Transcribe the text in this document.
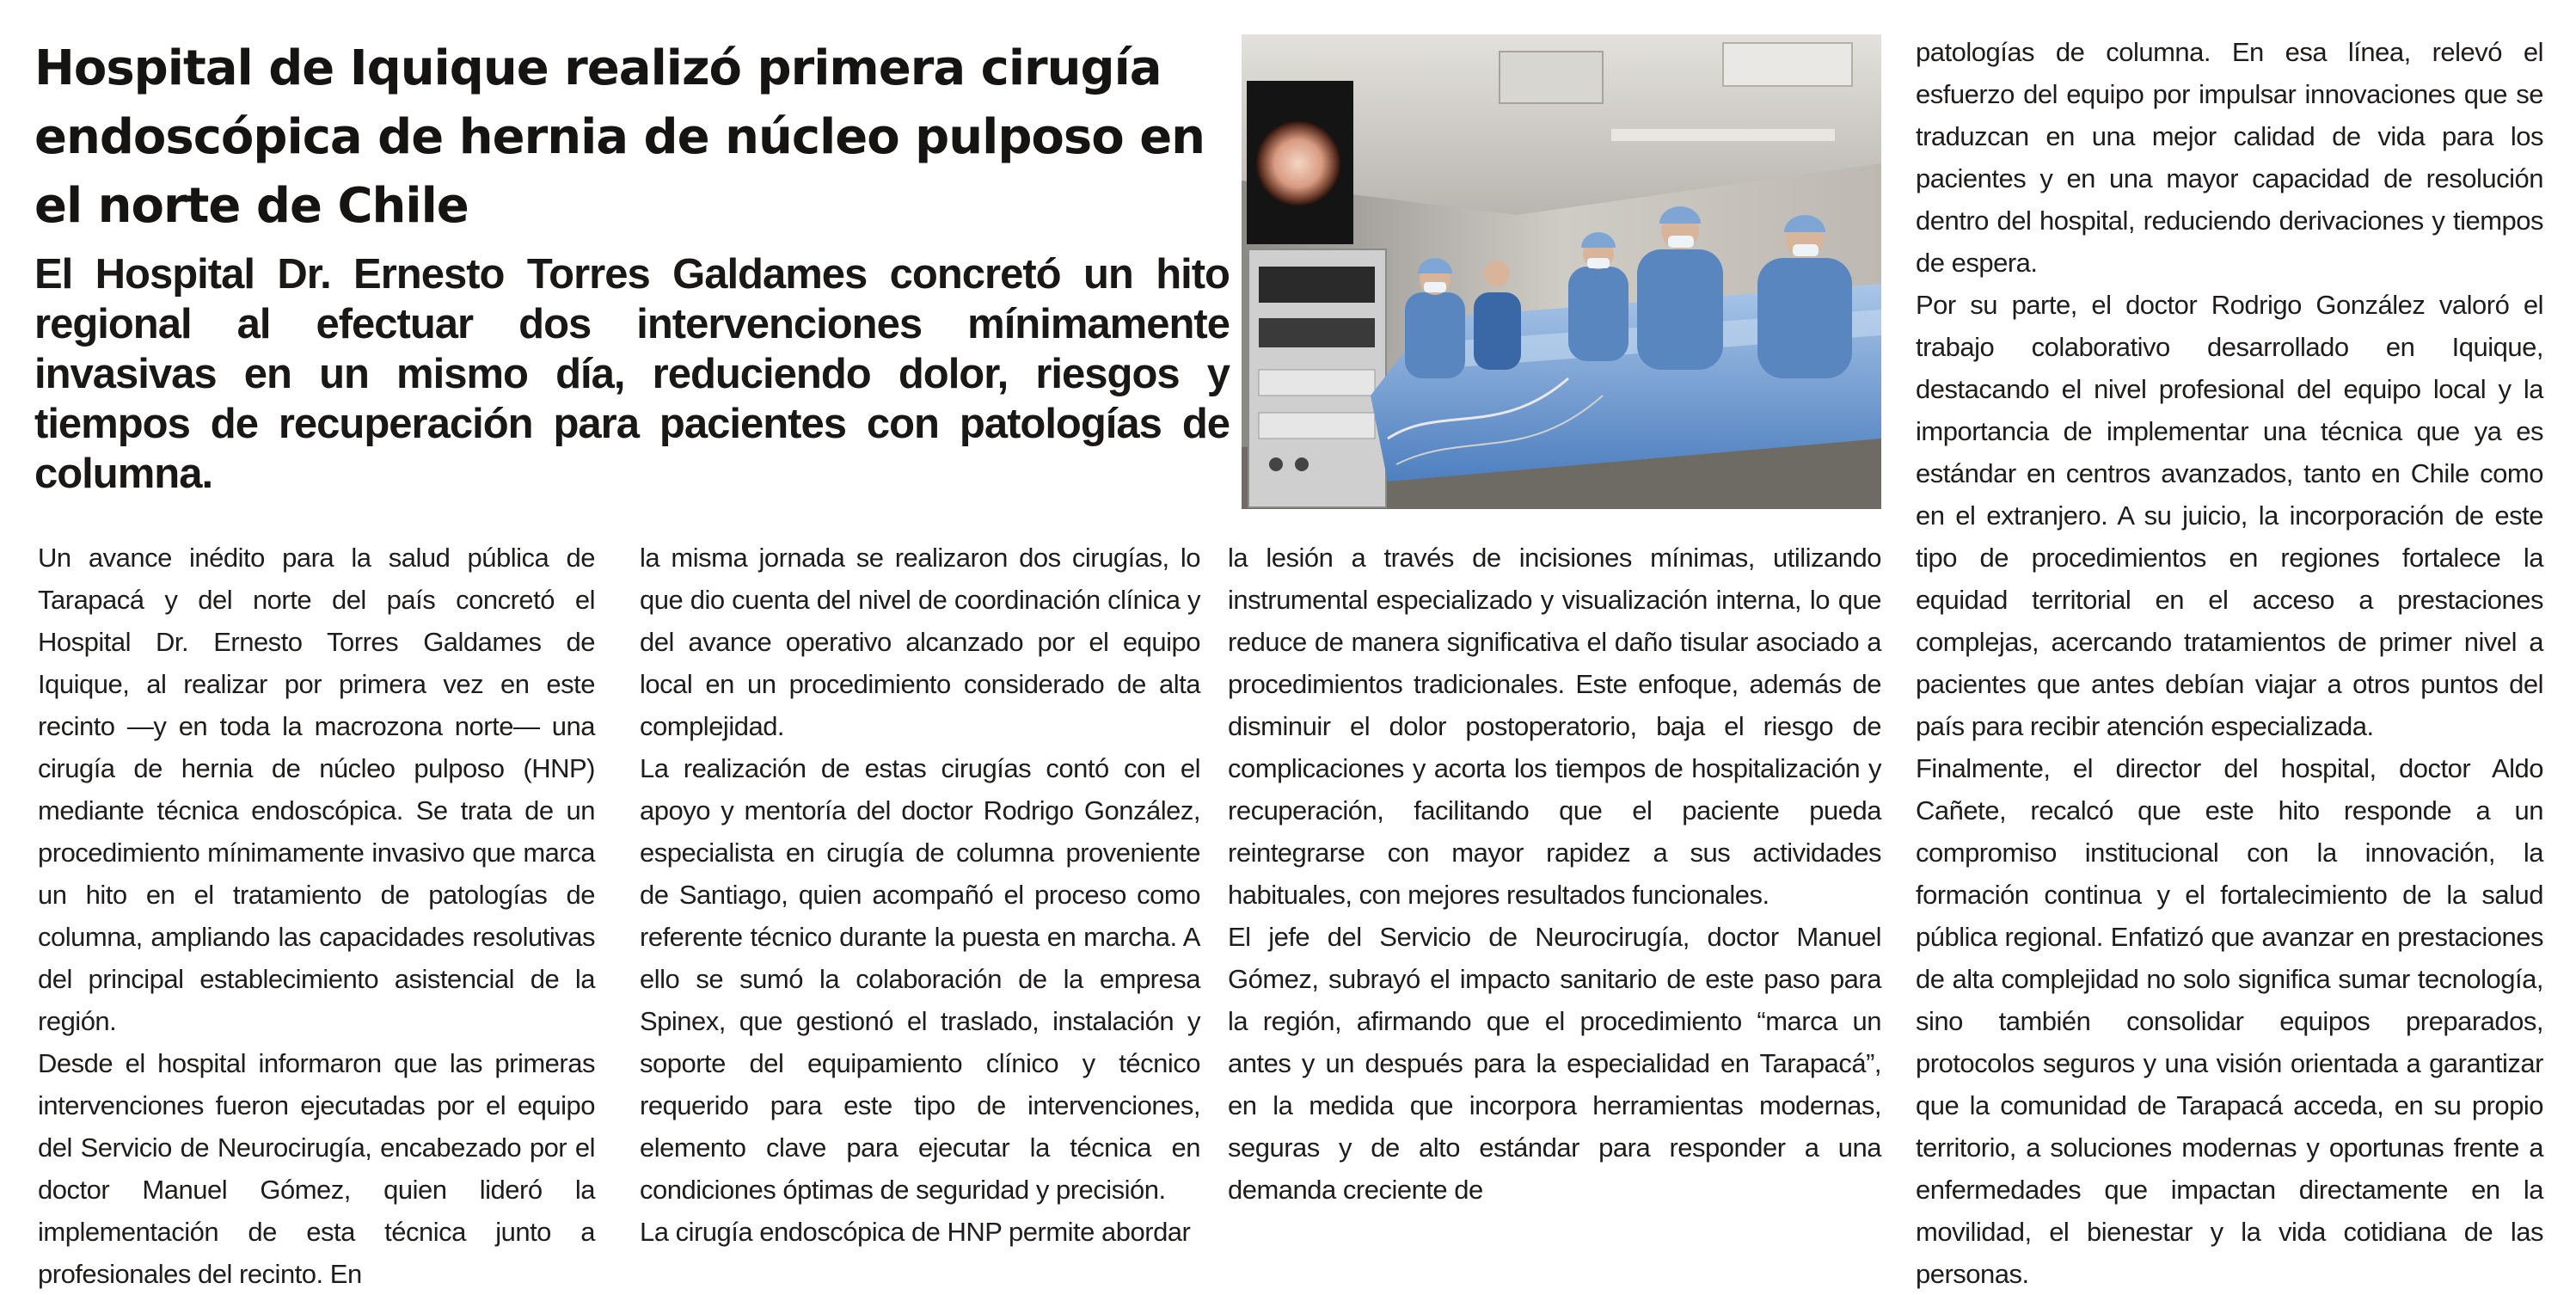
Hospital de Iquique realizó primera cirugía endoscópica de hernia de núcleo pulposo en el norte de Chile
El Hospital Dr. Ernesto Torres Galdames concretó un hito regional al efectuar dos intervenciones mínimamente invasivas en un mismo día, reduciendo dolor, riesgos y tiempos de recuperación para pacientes con patologías de columna.

Un avance inédito para la salud pública de Tarapacá y del norte del país concretó el Hospital Dr. Ernesto Torres Galdames de Iquique, al realizar por primera vez en este recinto —y en toda la macrozona norte— una cirugía de hernia de núcleo pulposo (HNP) mediante técnica endoscópica. Se trata de un procedimiento mínimamente invasivo que marca un hito en el tratamiento de patologías de columna, ampliando las capacidades resolutivas del principal establecimiento asistencial de la región.

Desde el hospital informaron que las primeras intervenciones fueron ejecutadas por el equipo del Servicio de Neurocirugía, encabezado por el doctor Manuel Gómez, quien lideró la implementación de esta técnica junto a profesionales del recinto. En

la misma jornada se realizaron dos cirugías, lo que dio cuenta del nivel de coordinación clínica y del avance operativo alcanzado por el equipo local en un procedimiento considerado de alta complejidad.

La realización de estas cirugías contó con el apoyo y mentoría del doctor Rodrigo González, especialista en cirugía de columna proveniente de Santiago, quien acompañó el proceso como referente técnico durante la puesta en marcha. A ello se sumó la colaboración de la empresa Spinex, que gestionó el traslado, instalación y soporte del equipamiento clínico y técnico requerido para este tipo de intervenciones, elemento clave para ejecutar la técnica en condiciones óptimas de seguridad y precisión.

La cirugía endoscópica de HNP permite abordar

la lesión a través de incisiones mínimas, utilizando instrumental especializado y visualización interna, lo que reduce de manera significativa el daño tisular asociado a procedimientos tradicionales. Este enfoque, además de disminuir el dolor postoperatorio, baja el riesgo de complicaciones y acorta los tiempos de hospitalización y recuperación, facilitando que el paciente pueda reintegrarse con mayor rapidez a sus actividades habituales, con mejores resultados funcionales.

El jefe del Servicio de Neurocirugía, doctor Manuel Gómez, subrayó el impacto sanitario de este paso para la región, afirmando que el procedimiento “marca un antes y un después para la especialidad en Tarapacá”, en la medida que incorpora herramientas modernas, seguras y de alto estándar para responder a una demanda creciente de

patologías de columna. En esa línea, relevó el esfuerzo del equipo por impulsar innovaciones que se traduzcan en una mejor calidad de vida para los pacientes y en una mayor capacidad de resolución dentro del hospital, reduciendo derivaciones y tiempos de espera.

Por su parte, el doctor Rodrigo González valoró el trabajo colaborativo desarrollado en Iquique, destacando el nivel profesional del equipo local y la importancia de implementar una técnica que ya es estándar en centros avanzados, tanto en Chile como en el extranjero. A su juicio, la incorporación de este tipo de procedimientos en regiones fortalece la equidad territorial en el acceso a prestaciones complejas, acercando tratamientos de primer nivel a pacientes que antes debían viajar a otros puntos del país para recibir atención especializada.

Finalmente, el director del hospital, doctor Aldo Cañete, recalcó que este hito responde a un compromiso institucional con la innovación, la formación continua y el fortalecimiento de la salud pública regional. Enfatizó que avanzar en prestaciones de alta complejidad no solo significa sumar tecnología, sino también consolidar equipos preparados, protocolos seguros y una visión orientada a garantizar que la comunidad de Tarapacá acceda, en su propio territorio, a soluciones modernas y oportunas frente a enfermedades que impactan directamente en la movilidad, el bienestar y la vida cotidiana de las personas.
